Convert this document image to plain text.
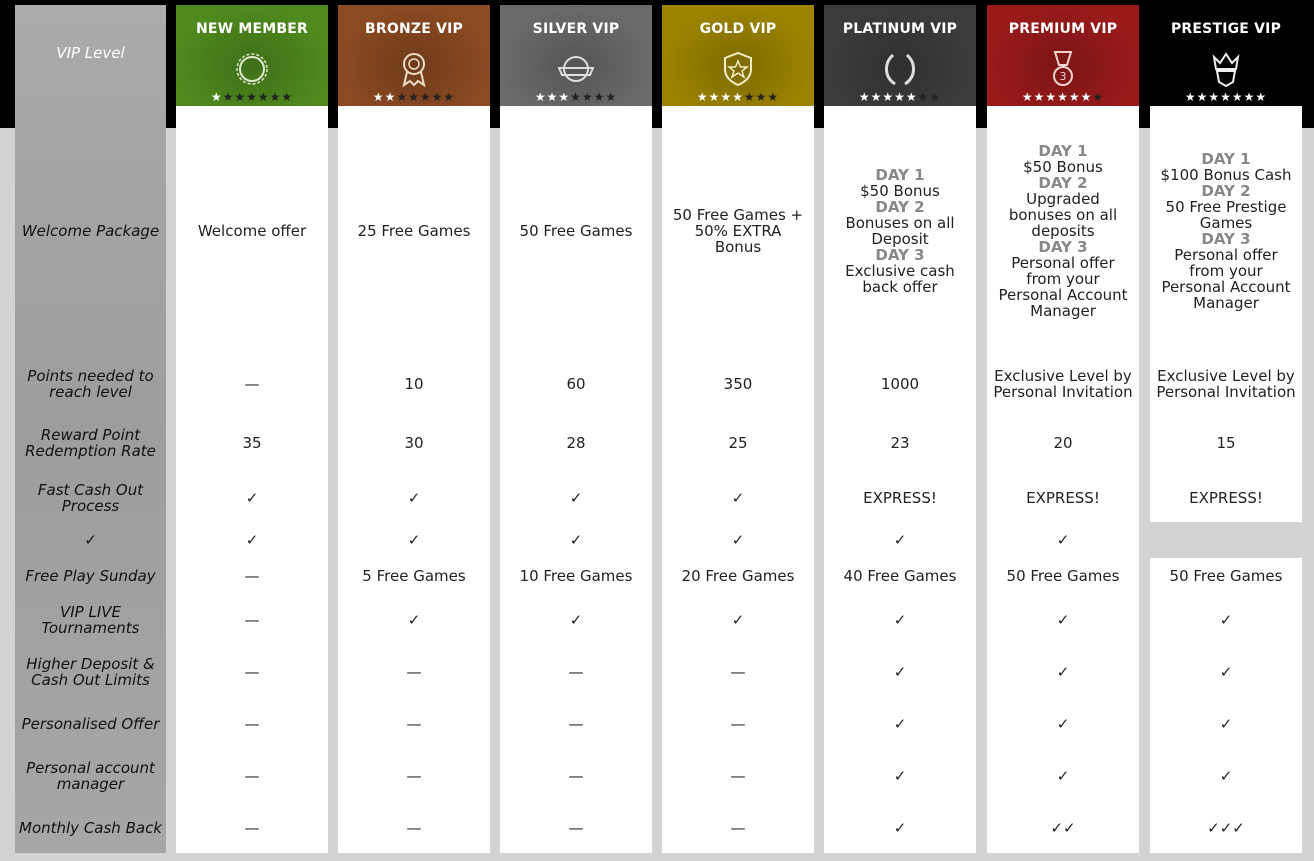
VIP Level
Welcome Package
Points needed to reach level
Reward Point Redemption Rate
Fast Cash Out Process
✓
Free Play Sunday
VIP LIVE Tournaments
Higher Deposit & Cash Out Limits
Personalised Offer
Personal account manager
Monthly Cash Back
NEW MEMBER
★★★★★★★
Welcome offer
—
35
✓
✓
—
—
—
—
—
—
BRONZE VIP
★★★★★★★
25 Free Games
10
30
✓
✓
5 Free Games
✓
—
—
—
—
SILVER VIP
★★★★★★★
50 Free Games
60
28
✓
✓
10 Free Games
✓
—
—
—
—
GOLD VIP
★★★★★★★
50 Free Games + 50% EXTRA Bonus
350
25
✓
✓
20 Free Games
✓
—
—
—
—
PLATINUM VIP
★★★★★★★
DAY 1
$50 Bonus
DAY 2
Bonuses on all Deposit
DAY 3
Exclusive cash back offer
1000
23
EXPRESS!
✓
40 Free Games
✓
✓
✓
✓
✓
PREMIUM VIP
3
★★★★★★★
DAY 1
$50 Bonus
DAY 2
Upgraded bonuses on all deposits
DAY 3
Personal offer from your Personal Account Manager
Exclusive Level by Personal Invitation
20
EXPRESS!
✓
50 Free Games
✓
✓
✓
✓
✓✓
PRESTIGE VIP
★★★★★★★
DAY 1
$100 Bonus Cash
DAY 2
50 Free Prestige Games
DAY 3
Personal offer from your Personal Account Manager
Exclusive Level by Personal Invitation
15
EXPRESS!
50 Free Games
✓
✓
✓
✓
✓✓✓
